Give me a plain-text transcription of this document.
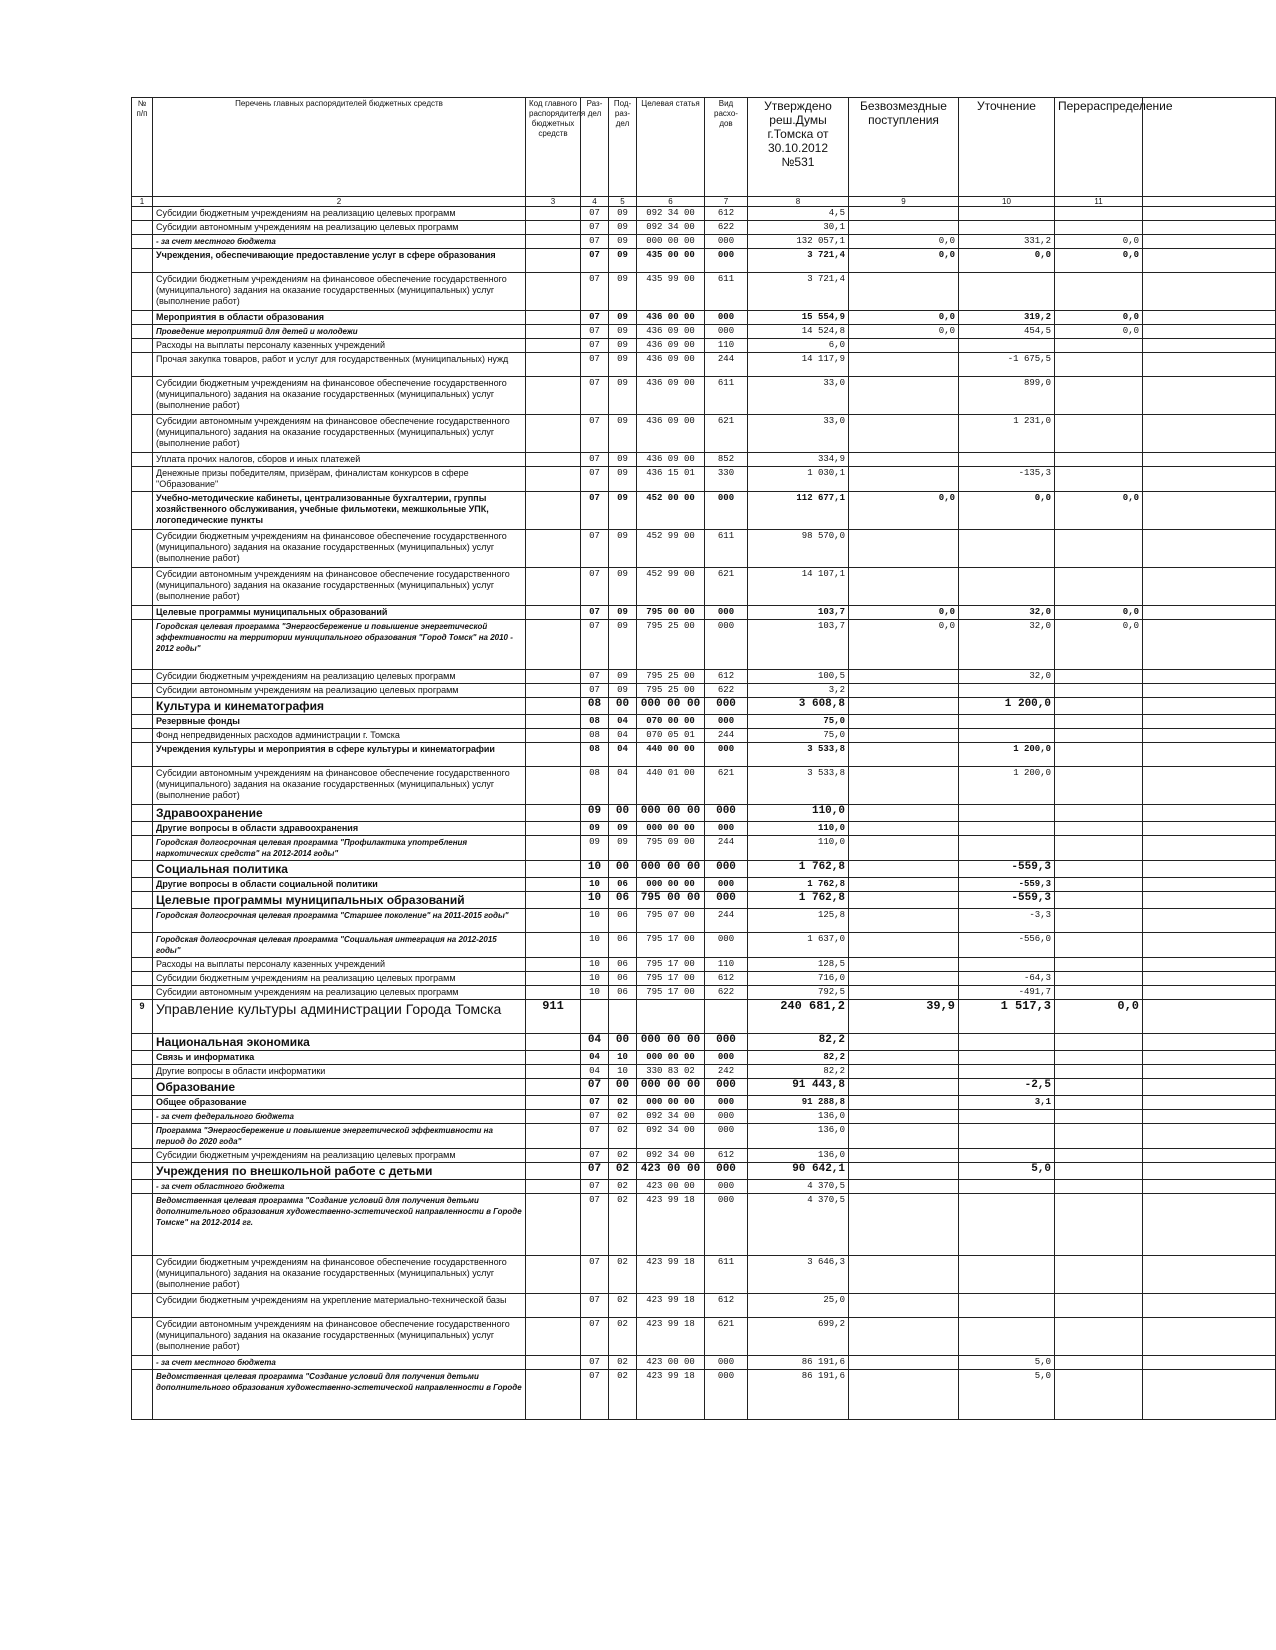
№ п/п	Перечень главных распорядителей бюджетных средств	Код главного распорядителя бюджетных средств	Раз-дел	Под-раз-дел	Целевая статья	Вид расхо-дов	Утверждено реш.Думы г.Томска от 30.10.2012 №531	Безвозмездные поступления	Уточнение	Перераспределение	
1	2	3	4	5	6	7	8	9	10	11	
	Субсидии бюджетным учреждениям на реализацию целевых программ		07	09	092 34 00	612	4,5				
	Субсидии автономным учреждениям на реализацию целевых программ		07	09	092 34 00	622	30,1				
	- за счет местного бюджета		07	09	000 00 00	000	132 057,1	0,0	331,2	0,0	
	Учреждения, обеспечивающие предоставление услуг в сфере образования		07	09	435 00 00	000	3 721,4	0,0	0,0	0,0	
	Субсидии бюджетным учреждениям на финансовое обеспечение государственного (муниципального) задания на оказание государственных (муниципальных) услуг (выполнение работ)		07	09	435 99 00	611	3 721,4				
	Мероприятия в области образования		07	09	436 00 00	000	15 554,9	0,0	319,2	0,0	
	Проведение мероприятий для детей и молодежи		07	09	436 09 00	000	14 524,8	0,0	454,5	0,0	
	Расходы на выплаты персоналу казенных учреждений		07	09	436 09 00	110	6,0				
	Прочая закупка товаров, работ и услуг для государственных (муниципальных) нужд		07	09	436 09 00	244	14 117,9		-1 675,5		
	Субсидии бюджетным учреждениям на финансовое обеспечение государственного (муниципального) задания на оказание государственных (муниципальных) услуг (выполнение работ)		07	09	436 09 00	611	33,0		899,0		
	Субсидии автономным учреждениям на финансовое обеспечение государственного (муниципального) задания на оказание государственных (муниципальных) услуг (выполнение работ)		07	09	436 09 00	621	33,0		1 231,0		
	Уплата прочих налогов, сборов и иных платежей		07	09	436 09 00	852	334,9				
	Денежные призы победителям, призёрам, финалистам конкурсов в сфере "Образование"		07	09	436 15 01	330	1 030,1		-135,3		
	Учебно-методические кабинеты, централизованные бухгалтерии, группы хозяйственного обслуживания, учебные фильмотеки, межшкольные УПК, логопедические пункты		07	09	452 00 00	000	112 677,1	0,0	0,0	0,0	
	Субсидии бюджетным учреждениям на финансовое обеспечение государственного (муниципального) задания на оказание государственных (муниципальных) услуг (выполнение работ)		07	09	452 99 00	611	98 570,0				
	Субсидии автономным учреждениям на финансовое обеспечение государственного (муниципального) задания на оказание государственных (муниципальных) услуг (выполнение работ)		07	09	452 99 00	621	14 107,1				
	Целевые программы муниципальных образований		07	09	795 00 00	000	103,7	0,0	32,0	0,0	
	Городская целевая программа "Энергосбережение и повышение энергетической эффективности на территории муниципального образования "Город Томск" на 2010 - 2012 годы"		07	09	795 25 00	000	103,7	0,0	32,0	0,0	
	Субсидии бюджетным учреждениям на реализацию целевых программ		07	09	795 25 00	612	100,5		32,0		
	Субсидии автономным учреждениям на реализацию целевых программ		07	09	795 25 00	622	3,2				
	Культура и кинематография		08	00	000 00 00	000	3 608,8		1 200,0		
	Резервные фонды		08	04	070 00 00	000	75,0				
	Фонд непредвиденных расходов администрации г. Томска		08	04	070 05 01	244	75,0				
	Учреждения культуры и мероприятия в сфере культуры и кинематографии		08	04	440 00 00	000	3 533,8		1 200,0		
	Субсидии автономным учреждениям на финансовое обеспечение государственного (муниципального) задания на оказание государственных (муниципальных) услуг (выполнение работ)		08	04	440 01 00	621	3 533,8		1 200,0		
	Здравоохранение		09	00	000 00 00	000	110,0				
	Другие вопросы в области здравоохранения		09	09	000 00 00	000	110,0				
	Городская долгосрочная целевая программа "Профилактика употребления наркотических средств" на 2012-2014 годы"		09	09	795 09 00	244	110,0				
	Социальная политика		10	00	000 00 00	000	1 762,8		-559,3		
	Другие вопросы в области социальной политики		10	06	000 00 00	000	1 762,8		-559,3		
	Целевые программы муниципальных образований		10	06	795 00 00	000	1 762,8		-559,3		
	Городская долгосрочная целевая программа "Старшее поколение" на 2011-2015 годы"		10	06	795 07 00	244	125,8		-3,3		
	Городская долгосрочная целевая программа "Социальная интеграция на 2012-2015 годы"		10	06	795 17 00	000	1 637,0		-556,0		
	Расходы на выплаты персоналу казенных учреждений		10	06	795 17 00	110	128,5				
	Субсидии бюджетным учреждениям на реализацию целевых программ		10	06	795 17 00	612	716,0		-64,3		
	Субсидии автономным учреждениям на реализацию целевых программ		10	06	795 17 00	622	792,5		-491,7		
9	Управление культуры администрации Города Томска	911					240 681,2	39,9	1 517,3	0,0	
	Национальная экономика		04	00	000 00 00	000	82,2				
	Связь и информатика		04	10	000 00 00	000	82,2				
	Другие вопросы в области информатики		04	10	330 83 02	242	82,2				
	Образование		07	00	000 00 00	000	91 443,8		-2,5		
	Общее образование		07	02	000 00 00	000	91 288,8		3,1		
	- за счет федерального бюджета		07	02	092 34 00	000	136,0				
	Программа "Энергосбережение и повышение энергетической эффективности на период до 2020 года"		07	02	092 34 00	000	136,0				
	Субсидии бюджетным учреждениям на реализацию целевых программ		07	02	092 34 00	612	136,0				
	Учреждения по внешкольной работе с детьми		07	02	423 00 00	000	90 642,1		5,0		
	- за счет областного бюджета		07	02	423 00 00	000	4 370,5				
	Ведомственная целевая программа "Создание условий для получения детьми дополнительного образования художественно-эстетической направленности в Городе Томске" на 2012-2014 гг.		07	02	423 99 18	000	4 370,5				
	Субсидии бюджетным учреждениям на финансовое обеспечение государственного (муниципального) задания на оказание государственных (муниципальных) услуг (выполнение работ)		07	02	423 99 18	611	3 646,3				
	Субсидии бюджетным учреждениям на укрепление материально-технической базы		07	02	423 99 18	612	25,0				
	Субсидии автономным учреждениям на финансовое обеспечение государственного (муниципального) задания на оказание государственных (муниципальных) услуг (выполнение работ)		07	02	423 99 18	621	699,2				
	- за счет местного бюджета		07	02	423 00 00	000	86 191,6		5,0		
	Ведомственная целевая программа "Создание условий для получения детьми дополнительного образования художественно-эстетической направленности в Городе		07	02	423 99 18	000	86 191,6		5,0		
